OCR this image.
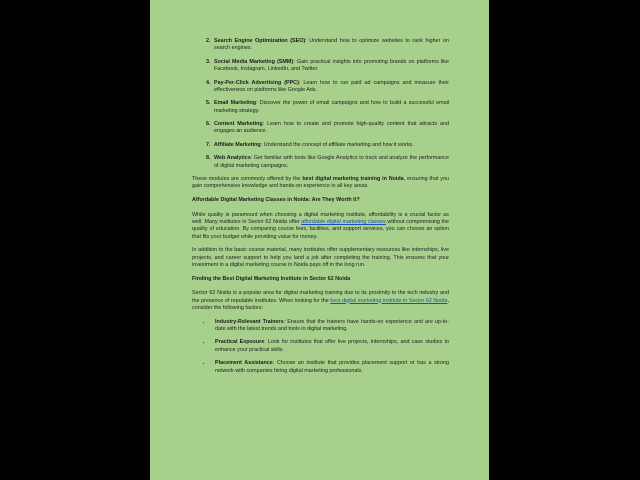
2. Search Engine Optimization (SEO): Understand how to optimize websites to rank higher on search engines.
3. Social Media Marketing (SMM): Gain practical insights into promoting brands on platforms like Facebook, Instagram, LinkedIn, and Twitter.
4. Pay-Per-Click Advertising (PPC): Learn how to run paid ad campaigns and measure their effectiveness on platforms like Google Ads.
5. Email Marketing: Discover the power of email campaigns and how to build a successful email marketing strategy.
6. Content Marketing: Learn how to create and promote high-quality content that attracts and engages an audience.
7. Affiliate Marketing: Understand the concept of affiliate marketing and how it works.
8. Web Analytics: Get familiar with tools like Google Analytics to track and analyze the performance of digital marketing campaigns.

These modules are commonly offered by the best digital marketing training in Noida, ensuring that you gain comprehensive knowledge and hands-on experience in all key areas.

Affordable Digital Marketing Classes in Noida: Are They Worth It?

While quality is paramount when choosing a digital marketing institute, affordability is a crucial factor as well. Many institutes in Sector 62 Noida offer affordable digital marketing classes without compromising the quality of education. By comparing course fees, facilities, and support services, you can choose an option that fits your budget while providing value for money.

In addition to the basic course material, many institutes offer supplementary resources like internships, live projects, and career support to help you land a job after completing the training. This ensures that your investment in a digital marketing course in Noida pays off in the long run.

Finding the Best Digital Marketing Institute in Sector 62 Noida

Sector 62 Noida is a popular area for digital marketing training due to its proximity to the tech industry and the presence of reputable institutes. When looking for the best digital marketing institute in Sector 62 Noida, consider the following factors:

• Industry-Relevant Trainers: Ensure that the trainers have hands-on experience and are up-to-date with the latest trends and tools in digital marketing.
• Practical Exposure: Look for institutes that offer live projects, internships, and case studies to enhance your practical skills.
• Placement Assistance: Choose an institute that provides placement support or has a strong network with companies hiring digital marketing professionals.
